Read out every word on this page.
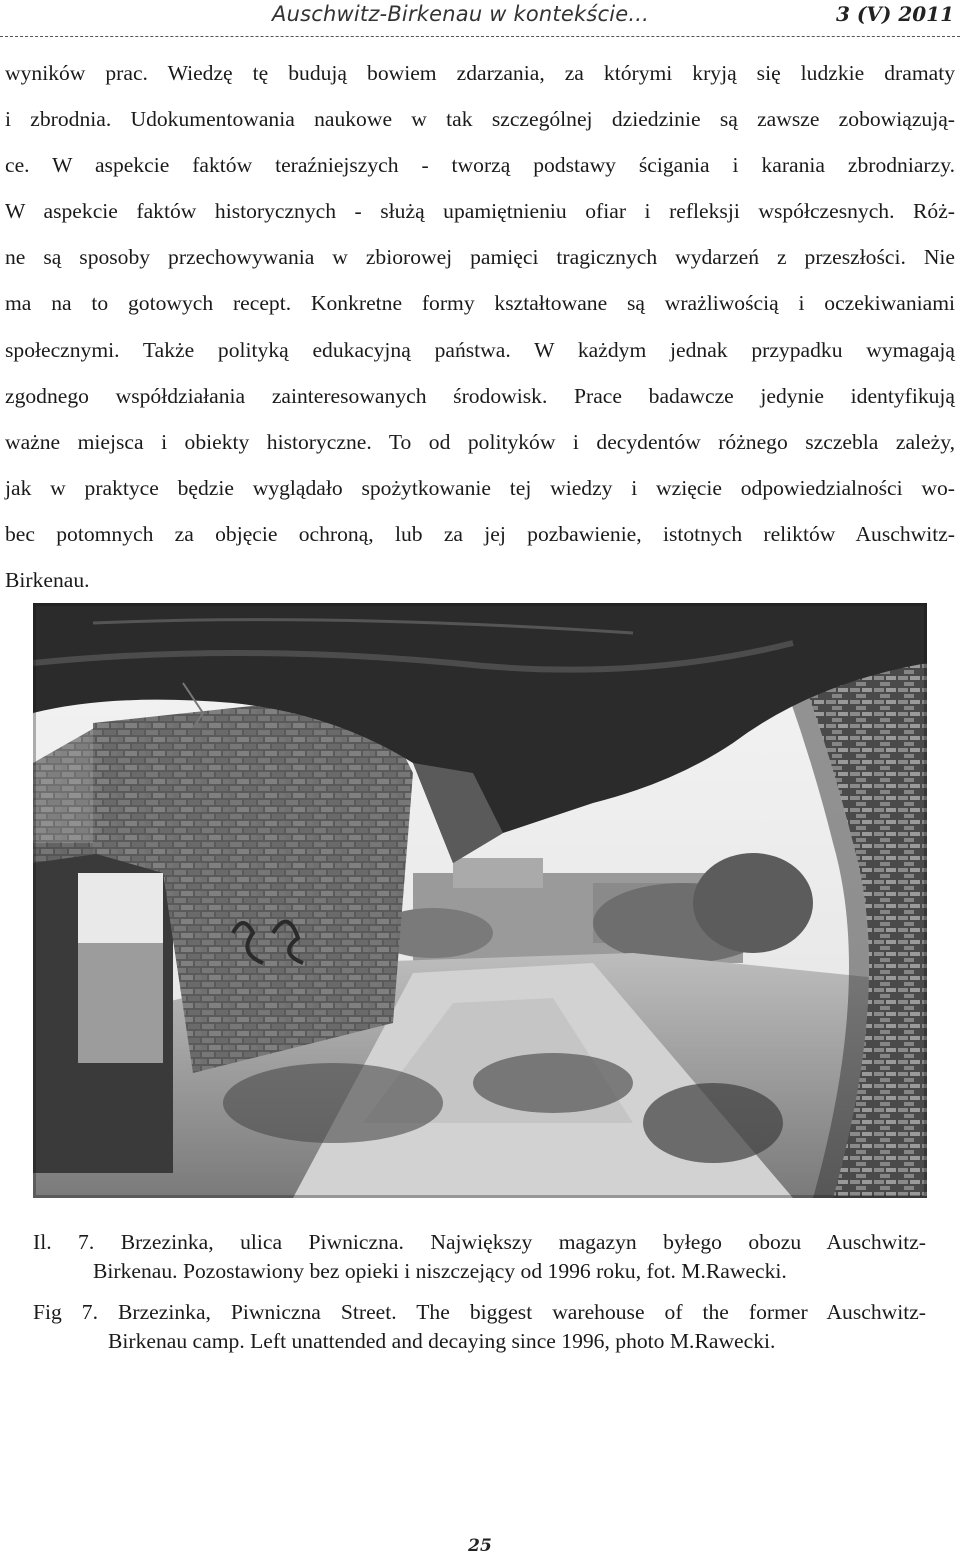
Auschwitz-Birkenau w kontekście...	3 (V) 2011
wyników prac. Wiedzę tę budują bowiem zdarzania, za którymi kryją się ludzkie dramaty
i zbrodnia. Udokumentowania naukowe w tak szczególnej dziedzinie są zawsze zobowiązują-
ce. W aspekcie faktów teraźniejszych - tworzą podstawy ścigania i karania zbrodniarzy.
W aspekcie faktów historycznych - służą upamiętnieniu ofiar i refleksji współczesnych. Róż-
ne są sposoby przechowywania w zbiorowej pamięci tragicznych wydarzeń z przeszłości. Nie
ma na to gotowych recept. Konkretne formy kształtowane są wrażliwością i oczekiwaniami
społecznymi. Także polityką edukacyjną państwa. W każdym jednak przypadku wymagają
zgodnego współdziałania zainteresowanych środowisk. Prace badawcze jedynie identyfikują
ważne miejsca i obiekty historyczne. To od polityków i decydentów różnego szczebla zależy,
jak w praktyce będzie wyglądało spożytkowanie tej wiedzy i wzięcie odpowiedzialności wo-
bec potomnych za objęcie ochroną, lub za jej pozbawienie, istotnych reliktów Auschwitz-
Birkenau.
Il. 7. Brzezinka, ulica Piwniczna. Największy magazyn byłego obozu Auschwitz-
Birkenau. Pozostawiony bez opieki i niszczejący od 1996 roku, fot. M.Rawecki.
Fig 7. Brzezinka, Piwniczna Street. The biggest warehouse of the former Auschwitz-
Birkenau camp. Left unattended and decaying since 1996, photo M.Rawecki.
25
